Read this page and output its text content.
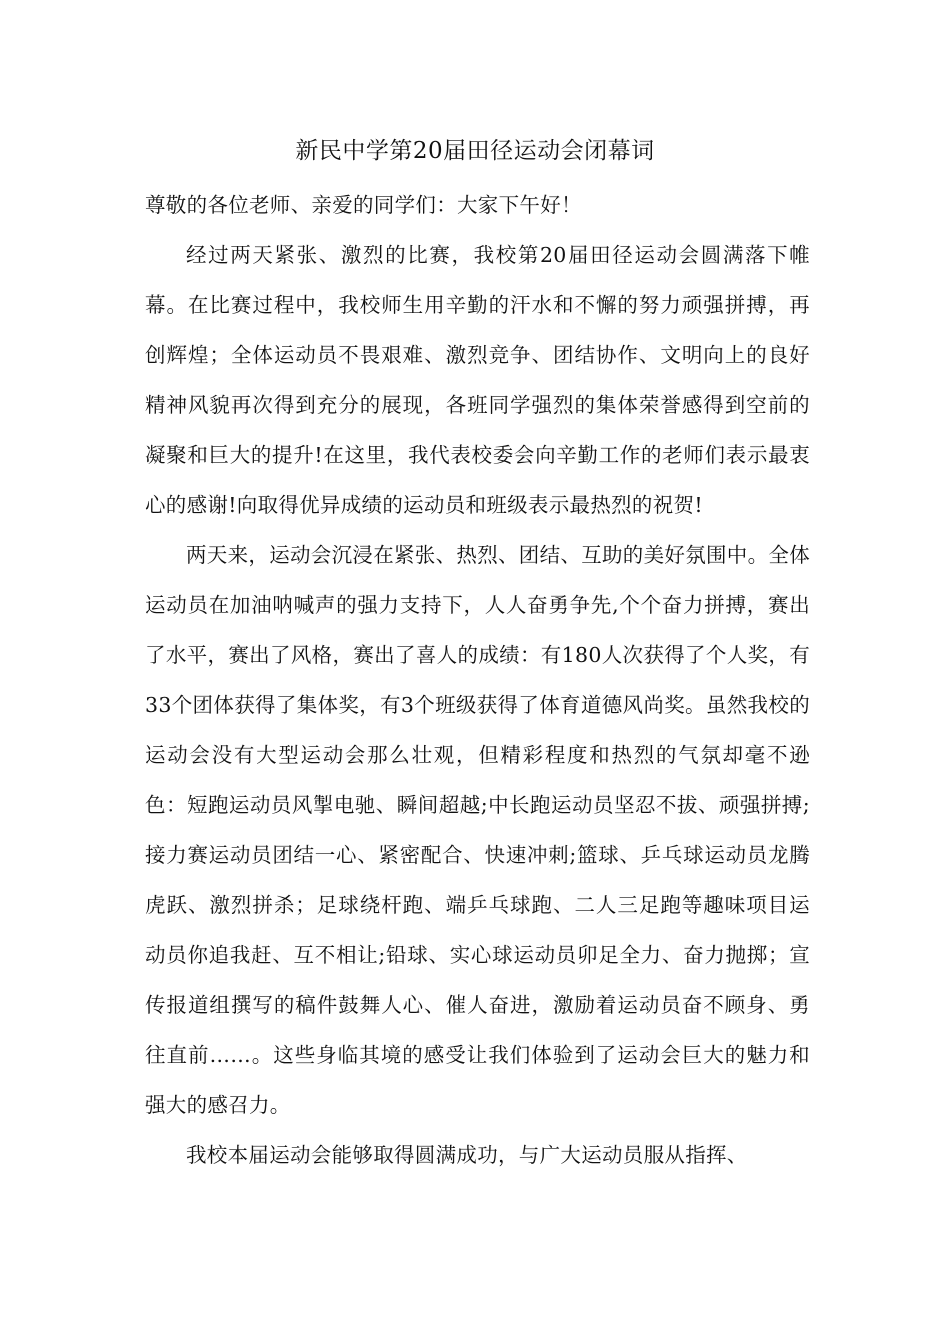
新民中学第20届田径运动会闭幕词

尊敬的各位老师、亲爱的同学们：大家下午好！

经过两天紧张、激烈的比赛，我校第20届田径运动会圆满落下帷幕。在比赛过程中，我校师生用辛勤的汗水和不懈的努力顽强拼搏，再创辉煌；全体运动员不畏艰难、激烈竞争、团结协作、文明向上的良好精神风貌再次得到充分的展现，各班同学强烈的集体荣誉感得到空前的凝聚和巨大的提升!在这里，我代表校委会向辛勤工作的老师们表示最衷心的感谢!向取得优异成绩的运动员和班级表示最热烈的祝贺!

两天来，运动会沉浸在紧张、热烈、团结、互助的美好氛围中。全体运动员在加油呐喊声的强力支持下，人人奋勇争先,个个奋力拼搏，赛出了水平，赛出了风格，赛出了喜人的成绩：有180人次获得了个人奖，有 33个团体获得了集体奖，有3个班级获得了体育道德风尚奖。虽然我校的运动会没有大型运动会那么壮观，但精彩程度和热烈的气氛却毫不逊色：短跑运动员风掣电驰、瞬间超越;中长跑运动员坚忍不拔、顽强拼搏;接力赛运动员团结一心、紧密配合、快速冲刺;篮球、乒乓球运动员龙腾虎跃、激烈拼杀；足球绕杆跑、端乒乓球跑、二人三足跑等趣味项目运动员你追我赶、互不相让;铅球、实心球运动员卯足全力、奋力抛掷；宣传报道组撰写的稿件鼓舞人心、催人奋进，激励着运动员奋不顾身、勇往直前……。这些身临其境的感受让我们体验到了运动会巨大的魅力和强大的感召力。

我校本届运动会能够取得圆满成功，与广大运动员服从指挥、
